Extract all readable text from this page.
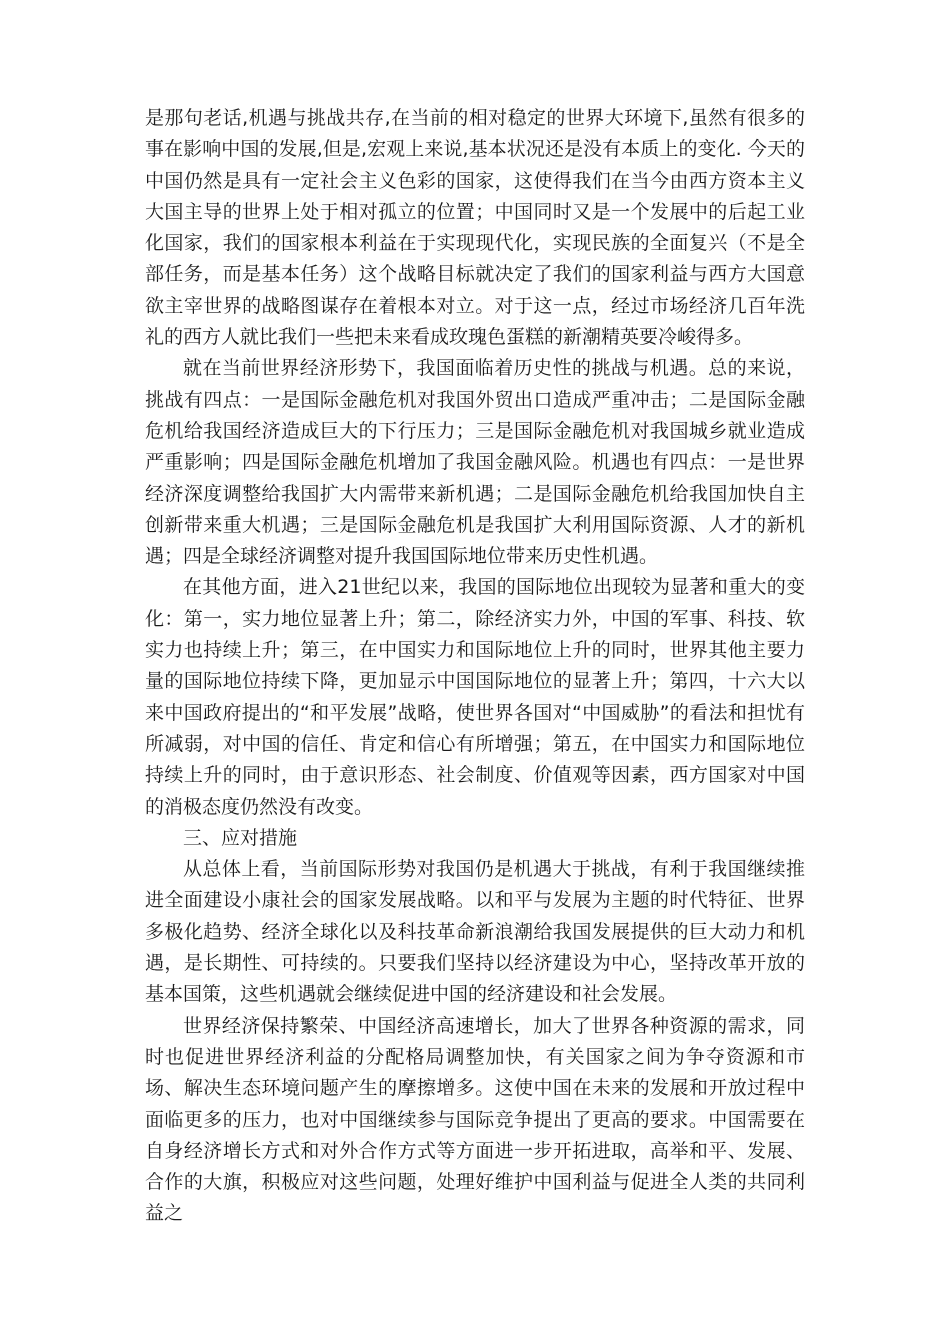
是那句老话,机遇与挑战共存,在当前的相对稳定的世界大环境下,虽然有很多的事在影响中国的发展,但是,宏观上来说,基本状况还是没有本质上的变化. 今天的中国仍然是具有一定社会主义色彩的国家，这使得我们在当今由西方资本主义大国主导的世界上处于相对孤立的位置；中国同时又是一个发展中的后起工业化国家，我们的国家根本利益在于实现现代化，实现民族的全面复兴（不是全部任务，而是基本任务）这个战略目标就决定了我们的国家利益与西方大国意欲主宰世界的战略图谋存在着根本对立。对于这一点，经过市场经济几百年洗礼的西方人就比我们一些把未来看成玫瑰色蛋糕的新潮精英要冷峻得多。

就在当前世界经济形势下，我国面临着历史性的挑战与机遇。总的来说，挑战有四点：一是国际金融危机对我国外贸出口造成严重冲击；二是国际金融危机给我国经济造成巨大的下行压力；三是国际金融危机对我国城乡就业造成严重影响；四是国际金融危机增加了我国金融风险。机遇也有四点：一是世界经济深度调整给我国扩大内需带来新机遇；二是国际金融危机给我国加快自主创新带来重大机遇；三是国际金融危机是我国扩大利用国际资源、人才的新机遇；四是全球经济调整对提升我国国际地位带来历史性机遇。

在其他方面，进入21世纪以来，我国的国际地位出现较为显著和重大的变化：第一，实力地位显著上升；第二，除经济实力外，中国的军事、科技、软实力也持续上升；第三，在中国实力和国际地位上升的同时，世界其他主要力量的国际地位持续下降，更加显示中国国际地位的显著上升；第四，十六大以来中国政府提出的“和平发展”战略，使世界各国对“中国威胁”的看法和担忧有所减弱，对中国的信任、肯定和信心有所增强；第五，在中国实力和国际地位持续上升的同时，由于意识形态、社会制度、价值观等因素，西方国家对中国的消极态度仍然没有改变。

三、应对措施

从总体上看，当前国际形势对我国仍是机遇大于挑战，有利于我国继续推进全面建设小康社会的国家发展战略。以和平与发展为主题的时代特征、世界多极化趋势、经济全球化以及科技革命新浪潮给我国发展提供的巨大动力和机遇，是长期性、可持续的。只要我们坚持以经济建设为中心，坚持改革开放的基本国策，这些机遇就会继续促进中国的经济建设和社会发展。

世界经济保持繁荣、中国经济高速增长，加大了世界各种资源的需求，同时也促进世界经济利益的分配格局调整加快，有关国家之间为争夺资源和市场、解决生态环境问题产生的摩擦增多。这使中国在未来的发展和开放过程中面临更多的压力，也对中国继续参与国际竞争提出了更高的要求。中国需要在自身经济增长方式和对外合作方式等方面进一步开拓进取，高举和平、发展、合作的大旗，积极应对这些问题，处理好维护中国利益与促进全人类的共同利益之
